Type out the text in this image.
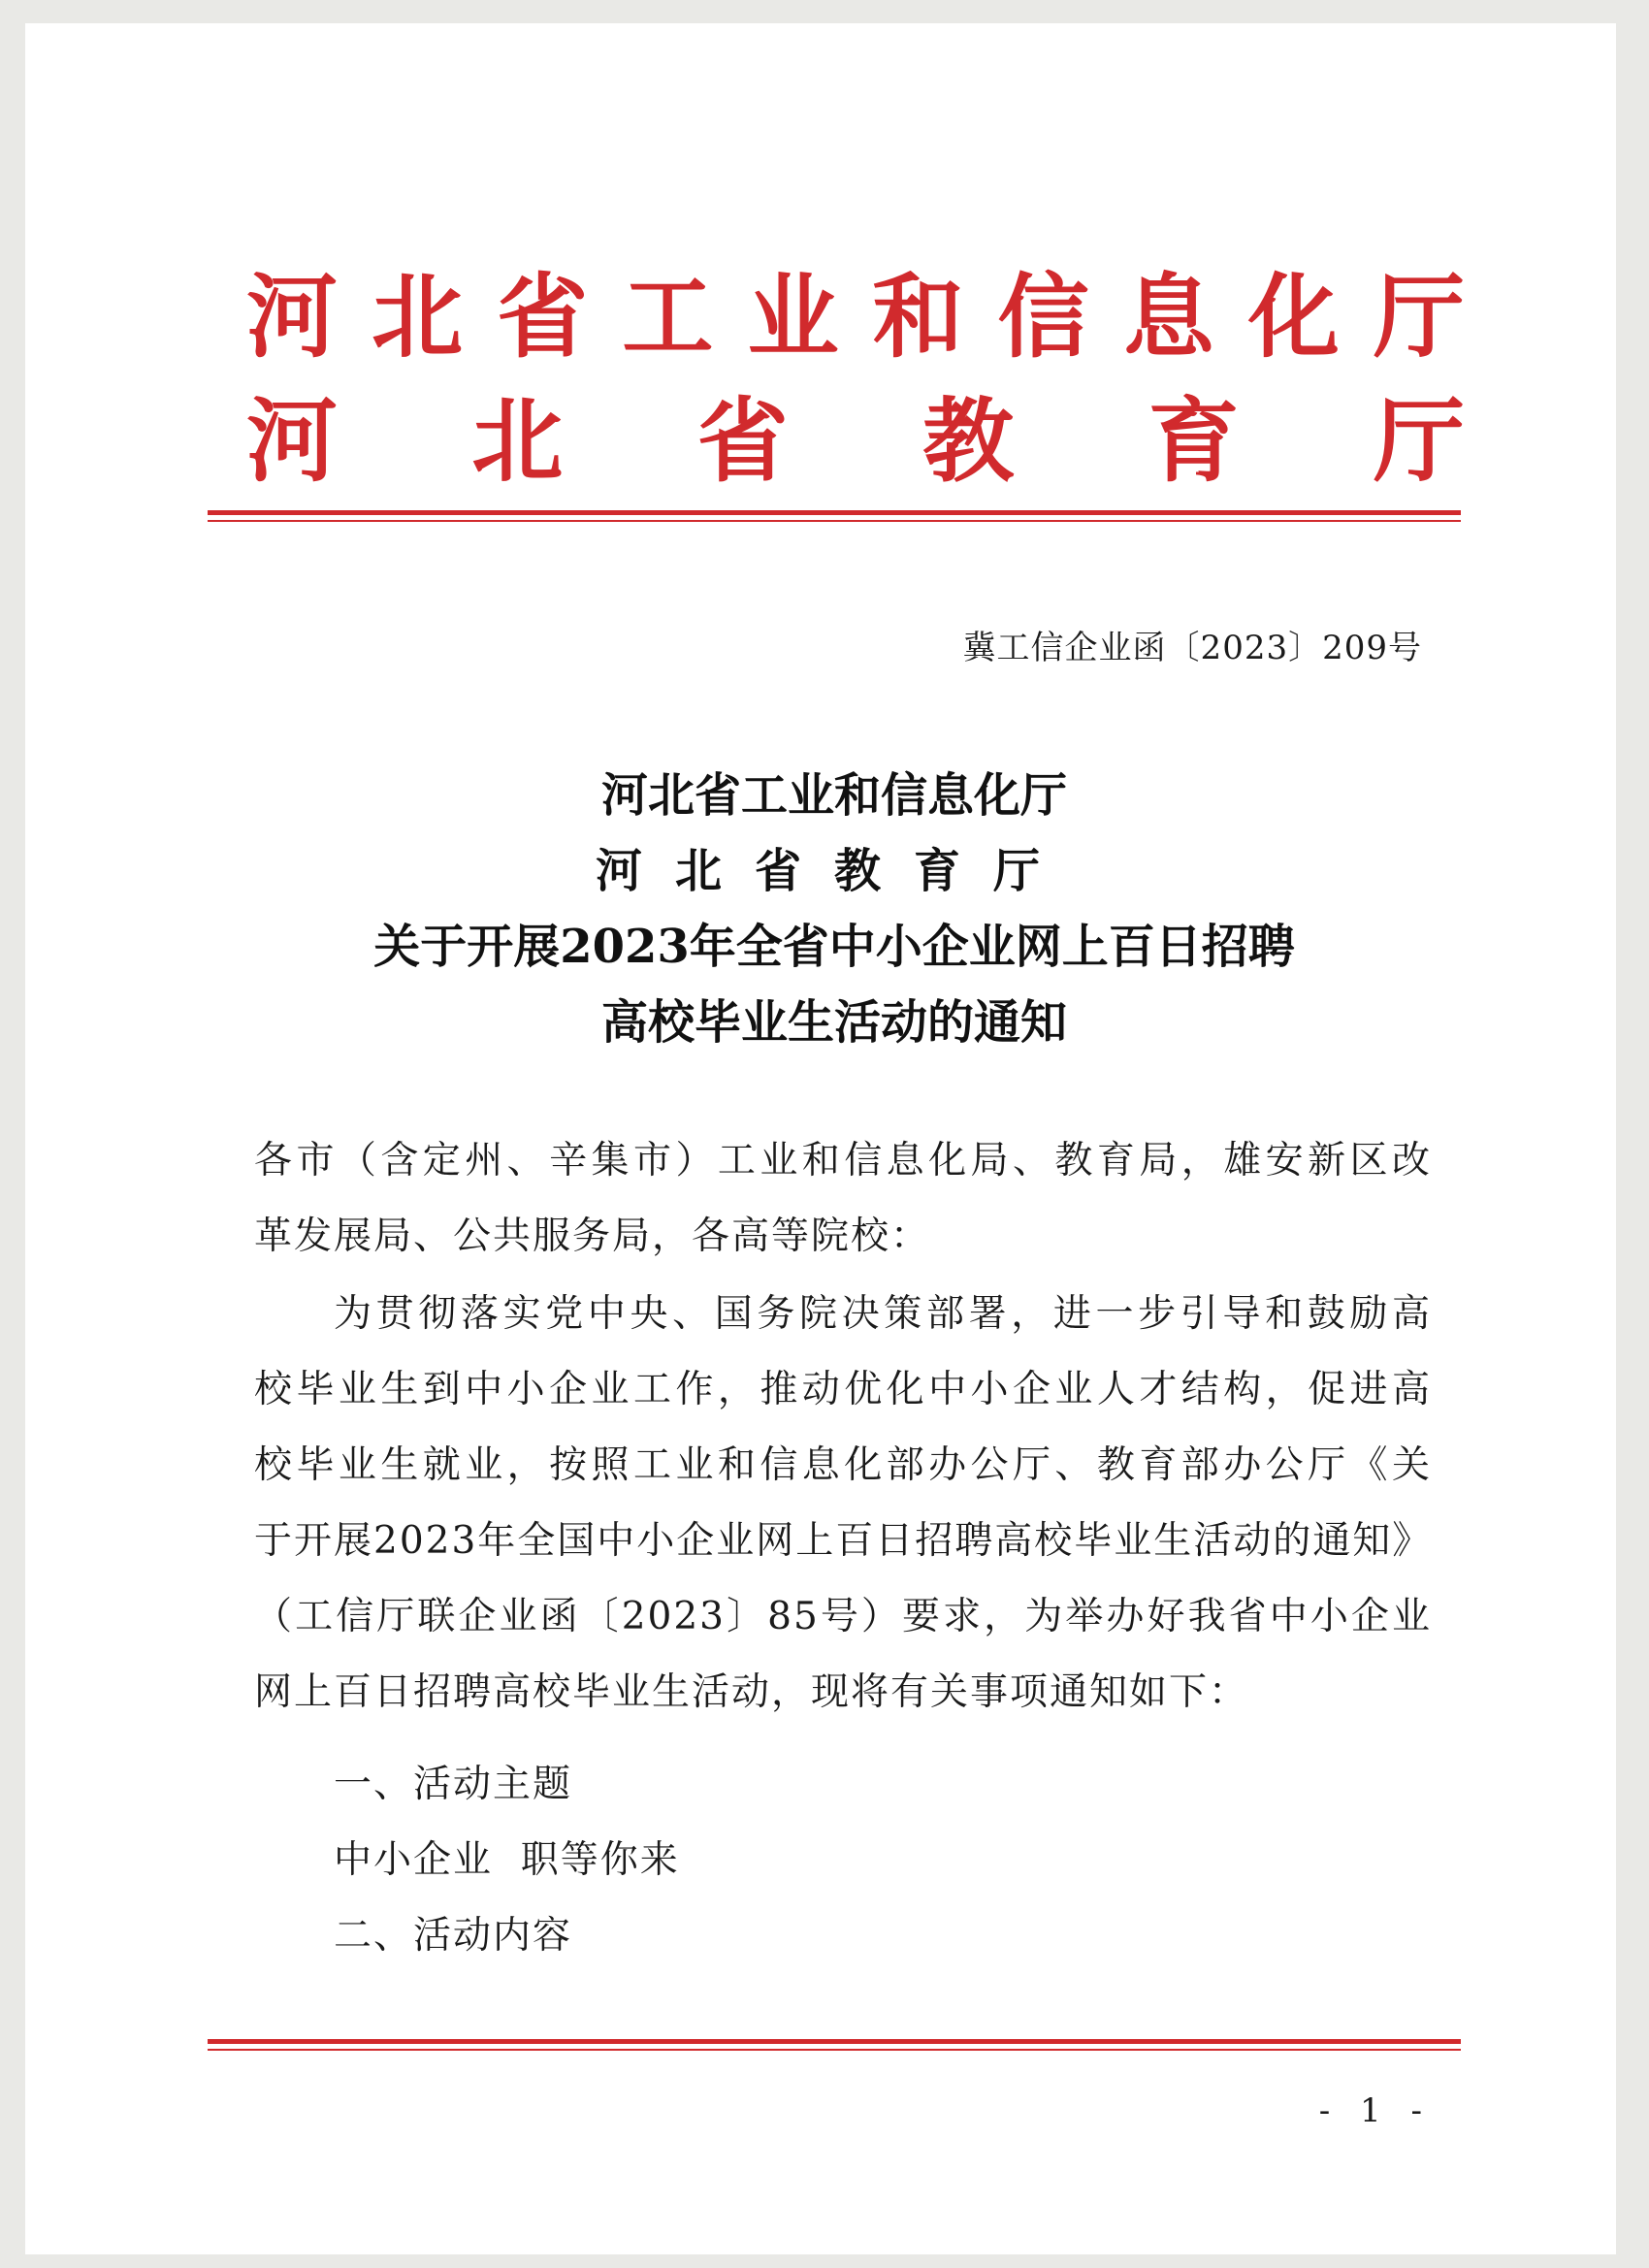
河北省工业和信息化厅
河北省教育厅
冀工信企业函〔2023〕209号
河北省工业和信息化厅
河北省教育厅
关于开展2023年全省中小企业网上百日招聘
高校毕业生活动的通知
各市（含定州、辛集市）工业和信息化局、教育局，雄安新区改
革发展局、公共服务局，各高等院校：
为贯彻落实党中央、国务院决策部署，进一步引导和鼓励高
校毕业生到中小企业工作，推动优化中小企业人才结构，促进高
校毕业生就业，按照工业和信息化部办公厅、教育部办公厅《关
于开展2023年全国中小企业网上百日招聘高校毕业生活动的通知》
（工信厅联企业函〔2023〕85号）要求，为举办好我省中小企业
网上百日招聘高校毕业生活动，现将有关事项通知如下：
一、活动主题
中小企业  职等你来
二、活动内容
- 1 -
